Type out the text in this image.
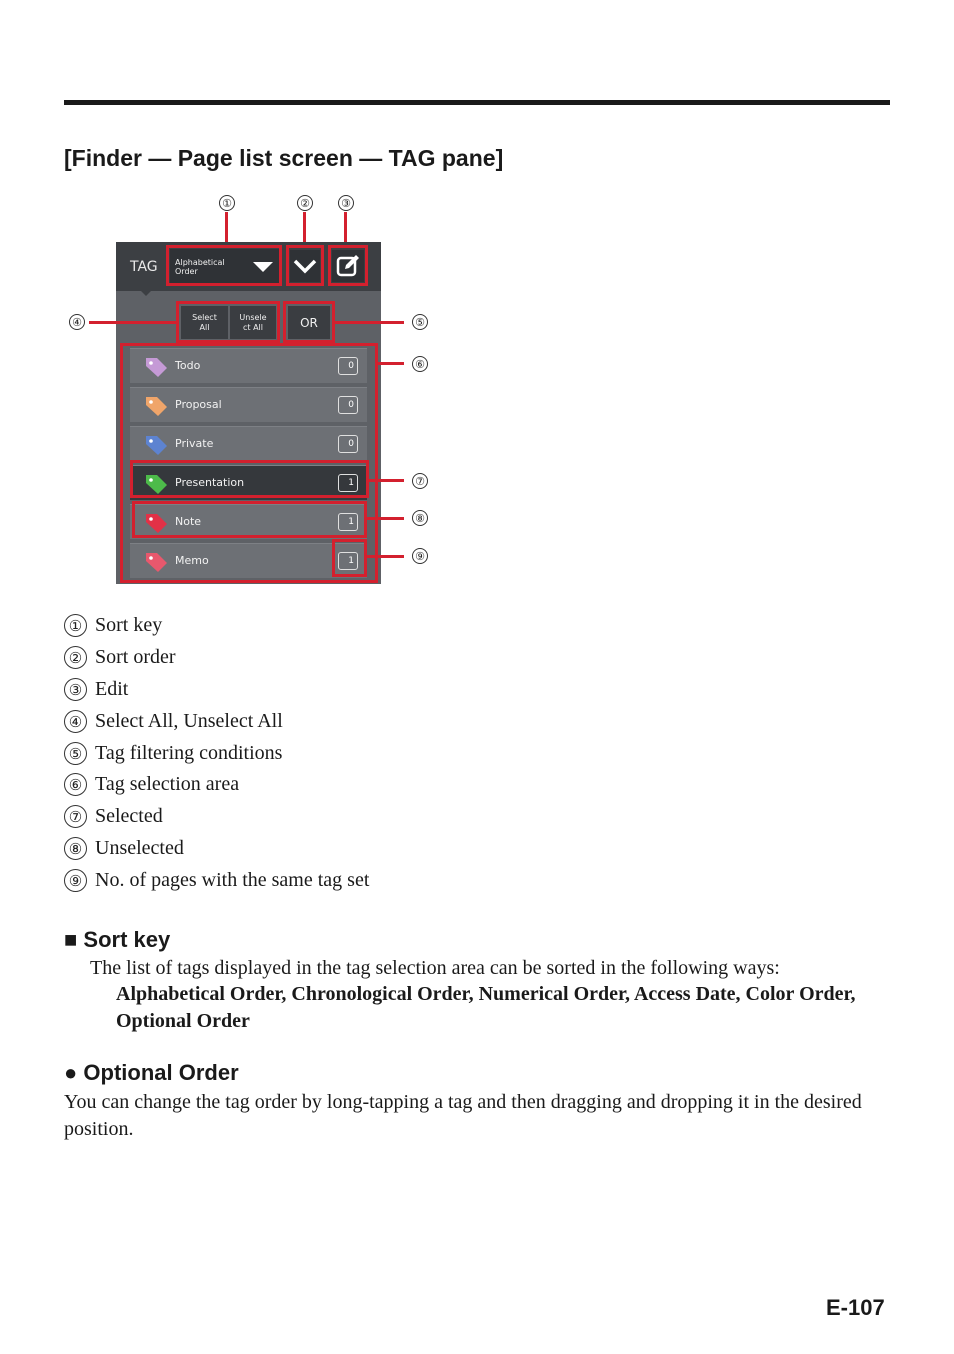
[Finder — Page list screen — TAG pane]
①	②	③
TAG Alphabetical Order
Select All
Unsele ct All	OR
④	⑤
Todo	0
Proposal	0
Private	0
Presentation	1
Note	1
Memo	1
⑥
⑦
⑧
⑨
① Sort key
② Sort order
③ Edit
④ Select All, Unselect All
⑤ Tag filtering conditions
⑥ Tag selection area
⑦ Selected
⑧ Unselected
⑨ No. of pages with the same tag set
■ Sort key
The list of tags displayed in the tag selection area can be sorted in the following ways:
Alphabetical Order, Chronological Order, Numerical Order, Access Date, Color Order, Optional Order
● Optional Order
You can change the tag order by long-tapping a tag and then dragging and dropping it in the desired position.
E-107
